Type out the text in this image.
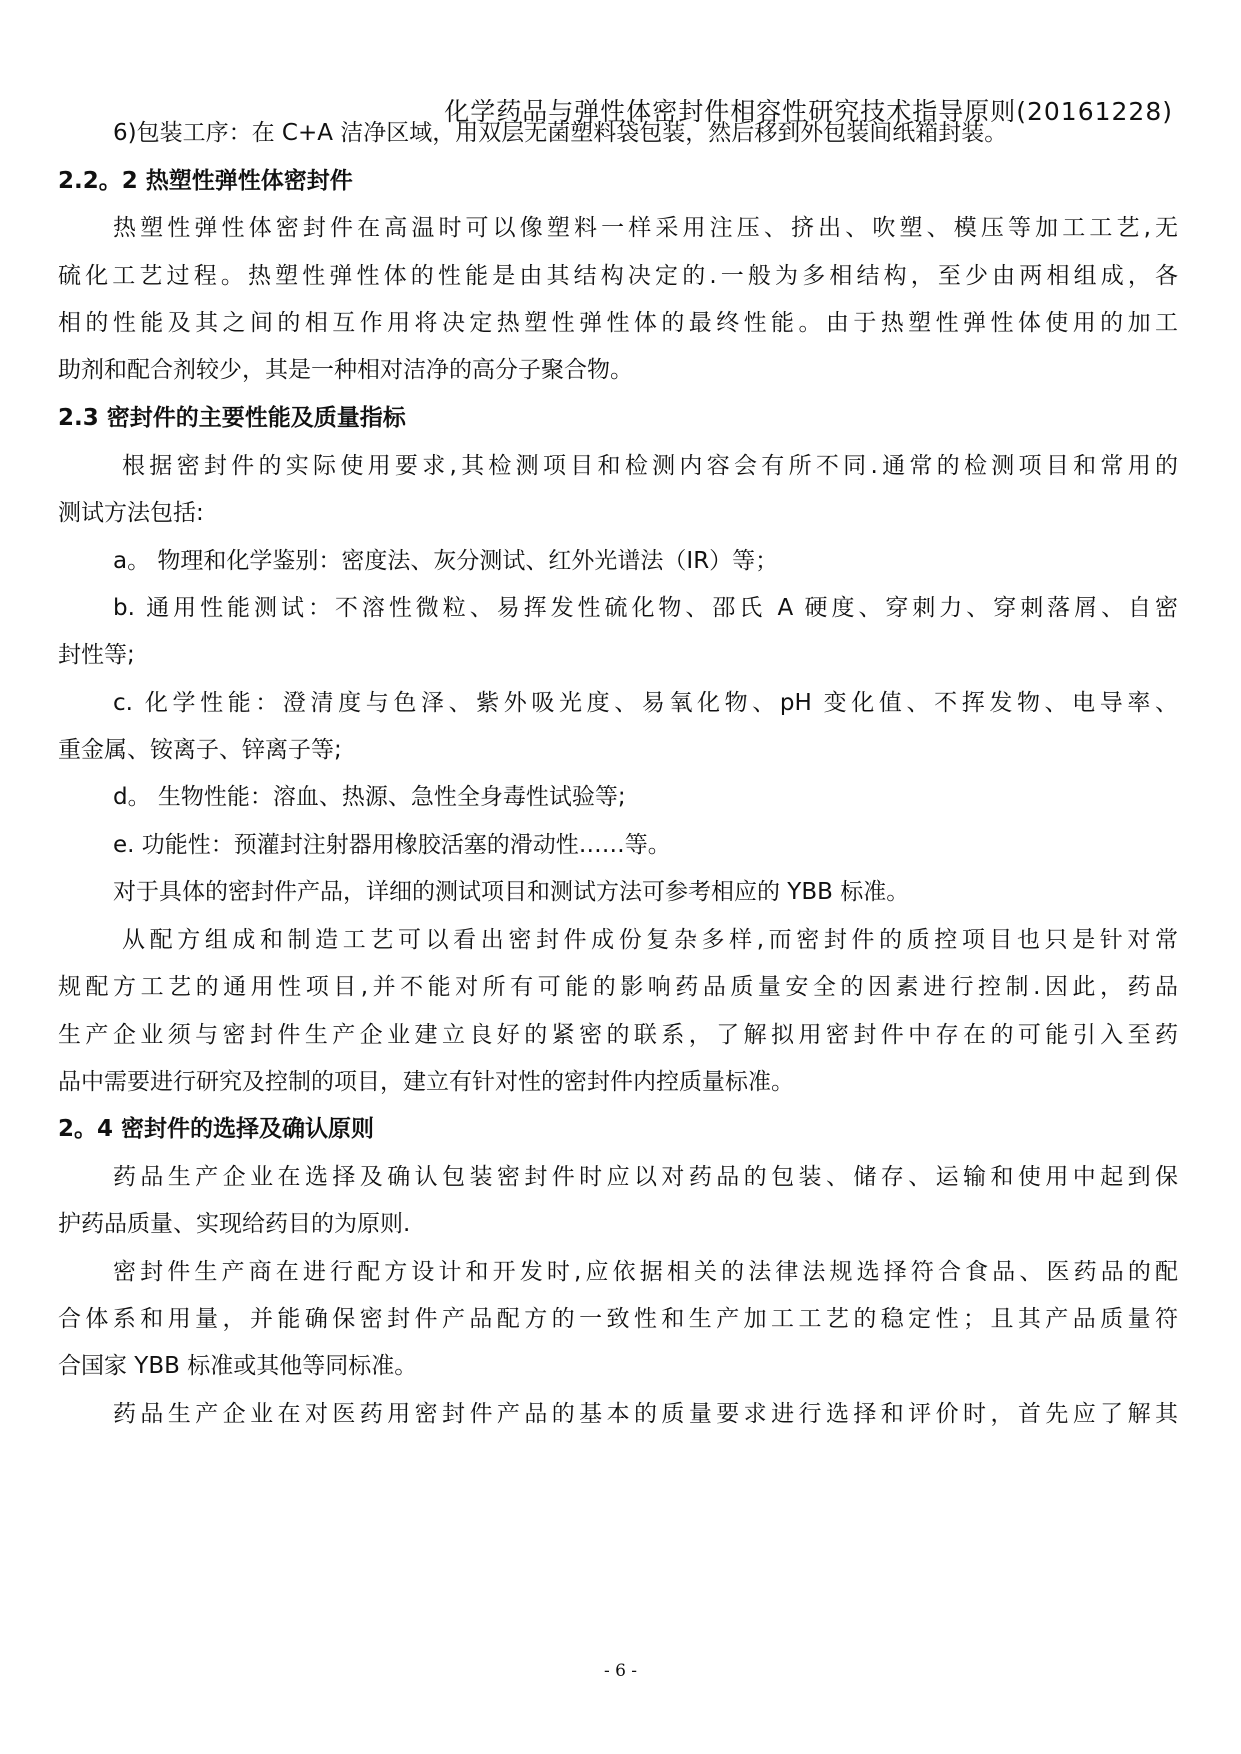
化学药品与弹性体密封件相容性研究技术指导原则(20161228)
6)包装工序：在 C+A 洁净区域，用双层无菌塑料袋包装，然后移到外包装间纸箱封装。
2.2。2 热塑性弹性体密封件
热塑性弹性体密封件在高温时可以像塑料一样采用注压、挤出、吹塑、模压等加工工艺,无
硫化工艺过程。热塑性弹性体的性能是由其结构决定的.一般为多相结构，至少由两相组成，各
相的性能及其之间的相互作用将决定热塑性弹性体的最终性能。由于热塑性弹性体使用的加工
助剂和配合剂较少，其是一种相对洁净的高分子聚合物。
2.3 密封件的主要性能及质量指标
根据密封件的实际使用要求,其检测项目和检测内容会有所不同.通常的检测项目和常用的
测试方法包括:
a。 物理和化学鉴别：密度法、灰分测试、红外光谱法（IR）等；
b. 通用性能测试：不溶性微粒、易挥发性硫化物、邵氏 A 硬度、穿刺力、穿刺落屑、自密
封性等;
c. 化学性能：澄清度与色泽、紫外吸光度、易氧化物、pH 变化值、不挥发物、电导率、
重金属、铵离子、锌离子等;
d。 生物性能：溶血、热源、急性全身毒性试验等;
e. 功能性：预灌封注射器用橡胶活塞的滑动性……等。
对于具体的密封件产品，详细的测试项目和测试方法可参考相应的 YBB 标准。
从配方组成和制造工艺可以看出密封件成份复杂多样,而密封件的质控项目也只是针对常
规配方工艺的通用性项目,并不能对所有可能的影响药品质量安全的因素进行控制.因此，药品
生产企业须与密封件生产企业建立良好的紧密的联系，了解拟用密封件中存在的可能引入至药
品中需要进行研究及控制的项目，建立有针对性的密封件内控质量标准。
2。4 密封件的选择及确认原则
药品生产企业在选择及确认包装密封件时应以对药品的包装、储存、运输和使用中起到保
护药品质量、实现给药目的为原则.
密封件生产商在进行配方设计和开发时,应依据相关的法律法规选择符合食品、医药品的配
合体系和用量，并能确保密封件产品配方的一致性和生产加工工艺的稳定性；且其产品质量符
合国家 YBB 标准或其他等同标准。
药品生产企业在对医药用密封件产品的基本的质量要求进行选择和评价时，首先应了解其
- 6 -
